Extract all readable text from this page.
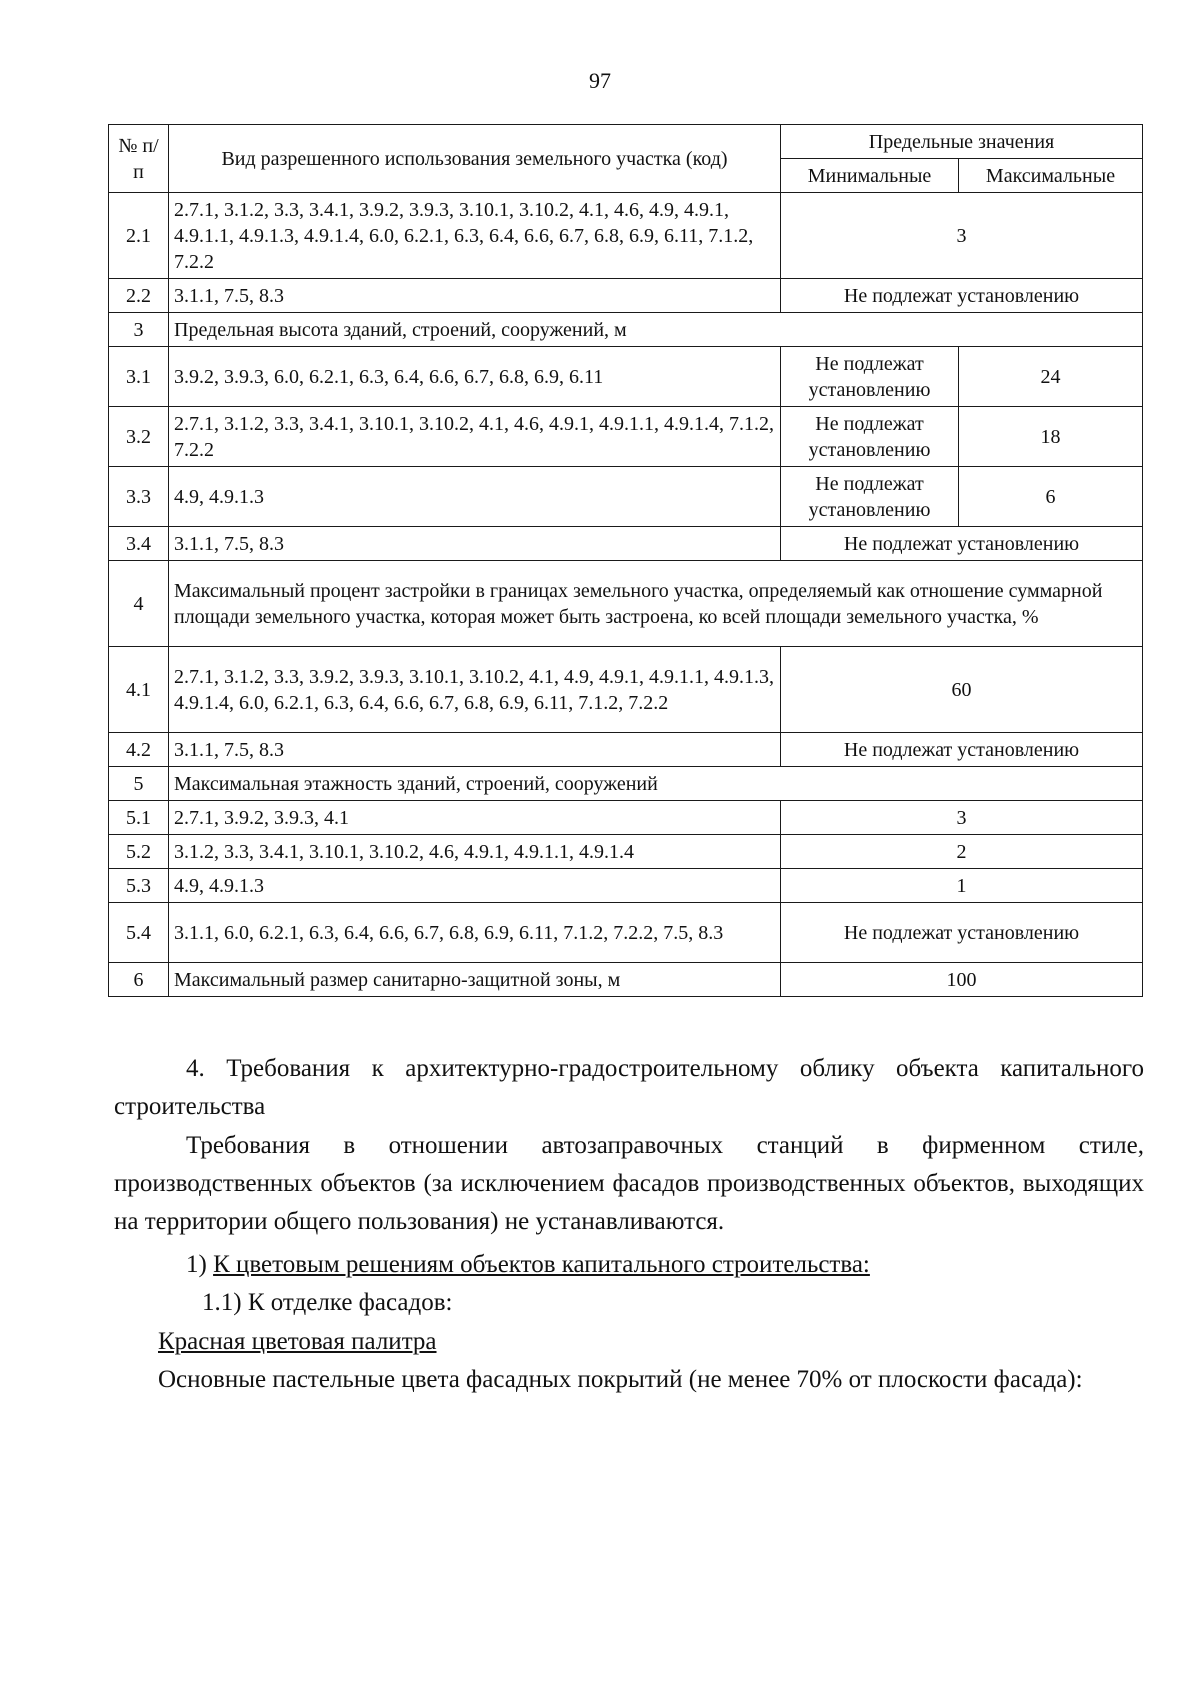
97
№ п/п	Вид разрешенного использования земельного участка (код)	Предельные значения	
		Минимальные	Максимальные
2.1	2.7.1, 3.1.2, 3.3, 3.4.1, 3.9.2, 3.9.3, 3.10.1, 3.10.2, 4.1, 4.6, 4.9, 4.9.1, 4.9.1.1, 4.9.1.3, 4.9.1.4, 6.0, 6.2.1, 6.3, 6.4, 6.6, 6.7, 6.8, 6.9, 6.11, 7.1.2, 7.2.2	3	
2.2	3.1.1, 7.5, 8.3	Не подлежат установлению	
3	Предельная высота зданий, строений, сооружений, м		
3.1	3.9.2, 3.9.3, 6.0, 6.2.1, 6.3, 6.4, 6.6, 6.7, 6.8, 6.9, 6.11	Не подлежат установлению	24
3.2	2.7.1, 3.1.2, 3.3, 3.4.1, 3.10.1, 3.10.2, 4.1, 4.6, 4.9.1, 4.9.1.1, 4.9.1.4, 7.1.2, 7.2.2	Не подлежат установлению	18
3.3	4.9, 4.9.1.3	Не подлежат установлению	6
3.4	3.1.1, 7.5, 8.3	Не подлежат установлению	
4	Максимальный процент застройки в границах земельного участка, определяемый как отношение суммарной площади земельного участка, которая может быть застроена, ко всей площади земельного участка, %		
4.1	2.7.1, 3.1.2, 3.3, 3.9.2, 3.9.3, 3.10.1, 3.10.2, 4.1, 4.9, 4.9.1, 4.9.1.1, 4.9.1.3, 4.9.1.4, 6.0, 6.2.1, 6.3, 6.4, 6.6, 6.7, 6.8, 6.9, 6.11, 7.1.2, 7.2.2	60	
4.2	3.1.1, 7.5, 8.3	Не подлежат установлению	
5	Максимальная этажность зданий, строений, сооружений		
5.1	2.7.1, 3.9.2, 3.9.3, 4.1	3	
5.2	3.1.2, 3.3, 3.4.1, 3.10.1, 3.10.2, 4.6, 4.9.1, 4.9.1.1, 4.9.1.4	2	
5.3	4.9, 4.9.1.3	1	
5.4	3.1.1, 6.0, 6.2.1, 6.3, 6.4, 6.6, 6.7, 6.8, 6.9, 6.11, 7.1.2, 7.2.2, 7.5, 8.3	Не подлежат установлению	
6	Максимальный размер санитарно-защитной зоны, м	100	

4. Требования к архитектурно-градостроительному облику объекта капитального строительства

Требования в отношении автозаправочных станций в фирменном стиле, производственных объектов (за исключением фасадов производственных объектов, выходящих на территории общего пользования) не устанавливаются.

1) К цветовым решениям объектов капитального строительства:

1.1) К отделке фасадов:

Красная цветовая палитра

Основные пастельные цвета фасадных покрытий (не менее 70% от плоскости фасада):
